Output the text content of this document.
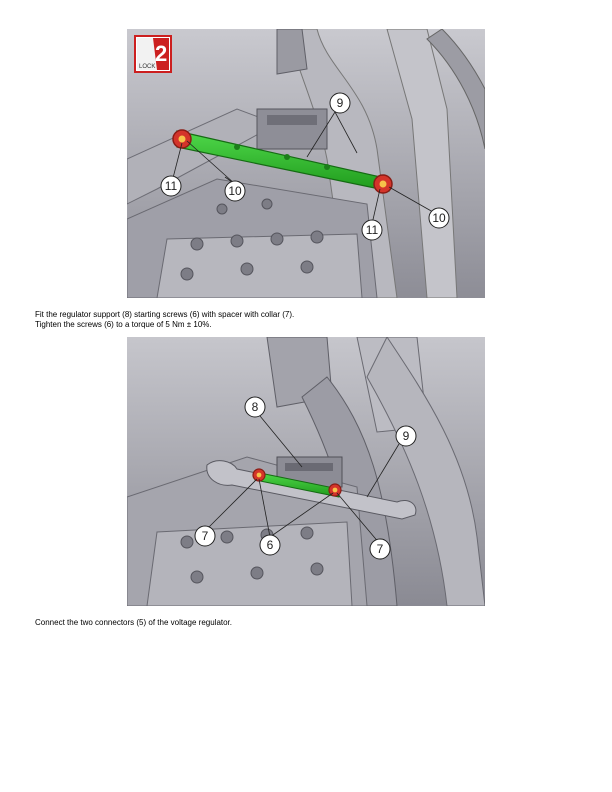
2
LOCK
9
11	10
11
10
Fit the regulator support (8) starting screws (6) with spacer with collar (7).
Tighten the screws (6) to a torque of 5 Nm ± 10%.
8
9
7
6	7
Connect the two connectors (5) of the voltage regulator.
